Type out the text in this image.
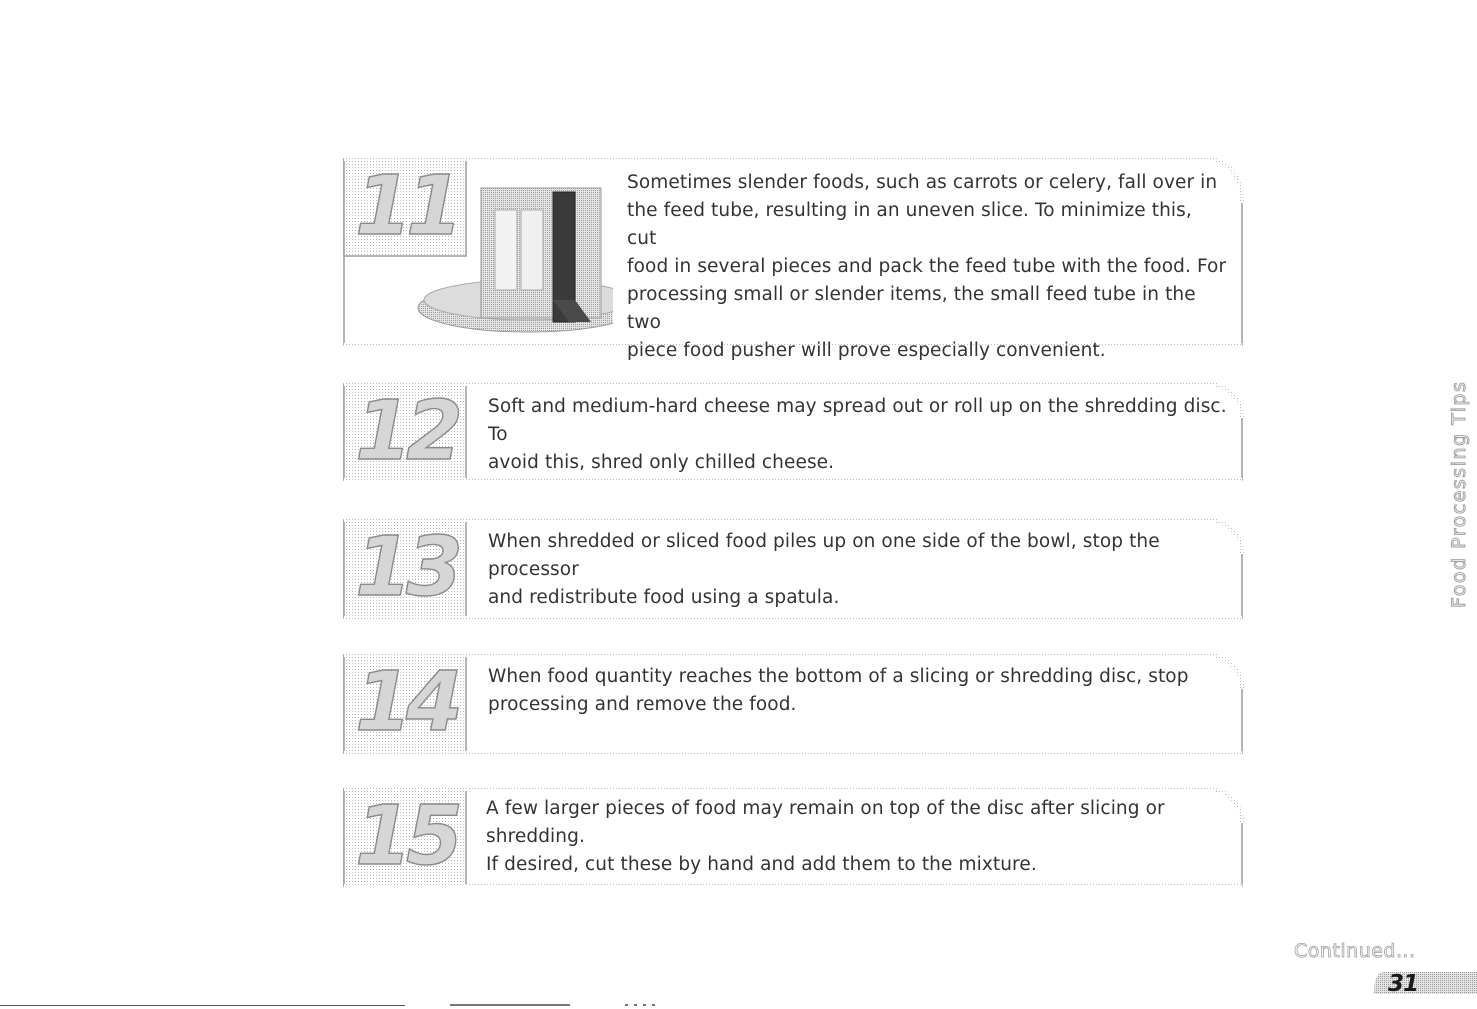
11	Sometimes slender foods, such as carrots or celery, fall over in
the feed tube, resulting in an uneven slice. To minimize this, cut
food in several pieces and pack the feed tube with the food. For
processing small or slender items, the small feed tube in the two
piece food pusher will prove especially convenient.
12 Soft and medium-hard cheese may spread out or roll up on the shredding disc. To
avoid this, shred only chilled cheese.
13 When shredded or sliced food piles up on one side of the bowl, stop the processor
and redistribute food using a spatula.
14 When food quantity reaches the bottom of a slicing or shredding disc, stop
processing and remove the food.
15 A few larger pieces of food may remain on top of the disc after slicing or shredding.
If desired, cut these by hand and add them to the mixture.
Food Processing Tips
Continued...
31
